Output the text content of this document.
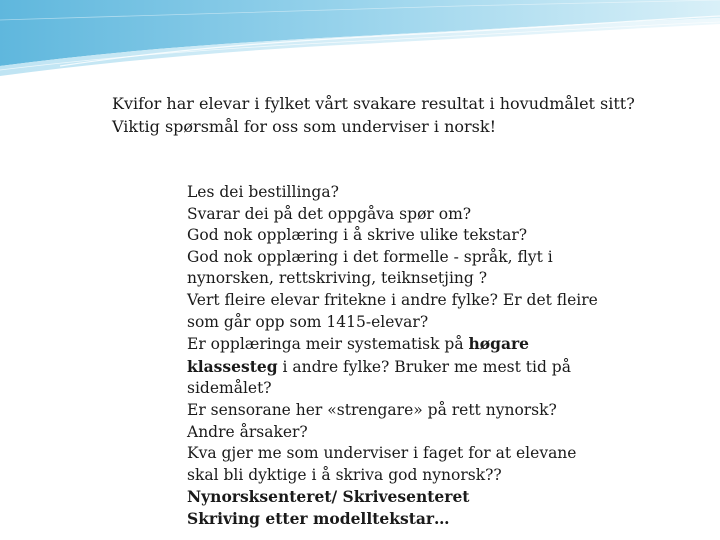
Kvifor har elevar i fylket vårt svakare resultat i hovudmålet sitt?
Viktig spørsmål for oss som underviser i norsk!
Les dei bestillinga?
Svarar dei på det oppgåva spør om?
God nok opplæring i å skrive ulike tekstar?
God nok opplæring i det formelle - språk, flyt i
nynorsken, rettskriving, teiknsetjing ?
Vert fleire elevar fritekne i andre fylke? Er det fleire
som går opp som 1415-elevar?
Er opplæringa meir systematisk på høgare
klassesteg i andre fylke? Bruker me mest tid på
sidemålet?
Er sensorane her «strengare» på rett nynorsk?
Andre årsaker?
Kva gjer me som underviser i faget for at elevane
skal bli dyktige i å skriva god nynorsk??
Nynorsksenteret/ Skrivesenteret
Skriving etter modelltekstar…
